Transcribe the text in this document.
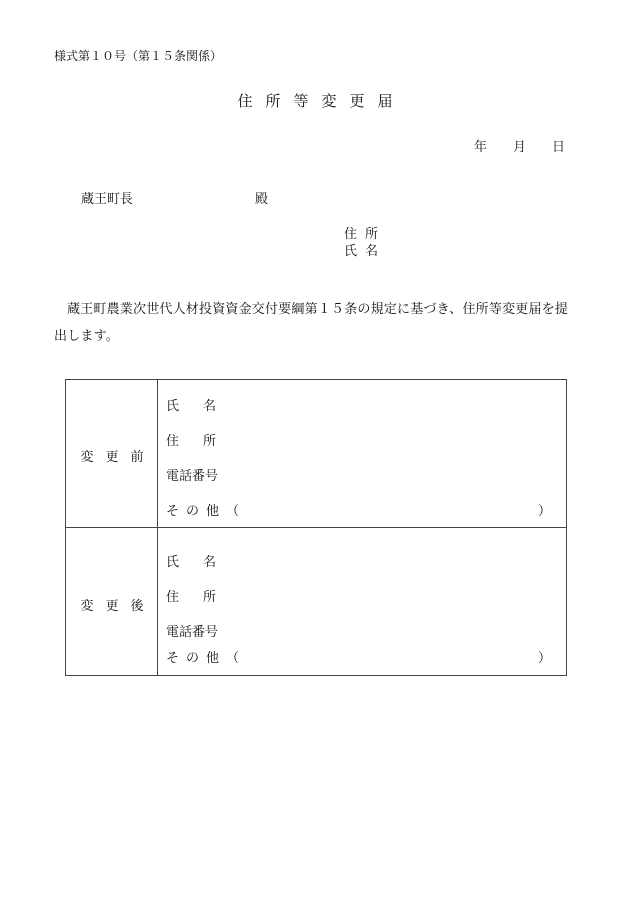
様式第１０号（第１５条関係）
住所等変更届
年 月 日
蔵王町長	殿
住所
氏名
蔵王町農業次世代人材投資資金交付要綱第１５条の規定に基づき、住所等変更届を提出します。
変更前
氏名
住所
電話番号
その他（	）
変更後
氏名
住所
電話番号
その他（	）
